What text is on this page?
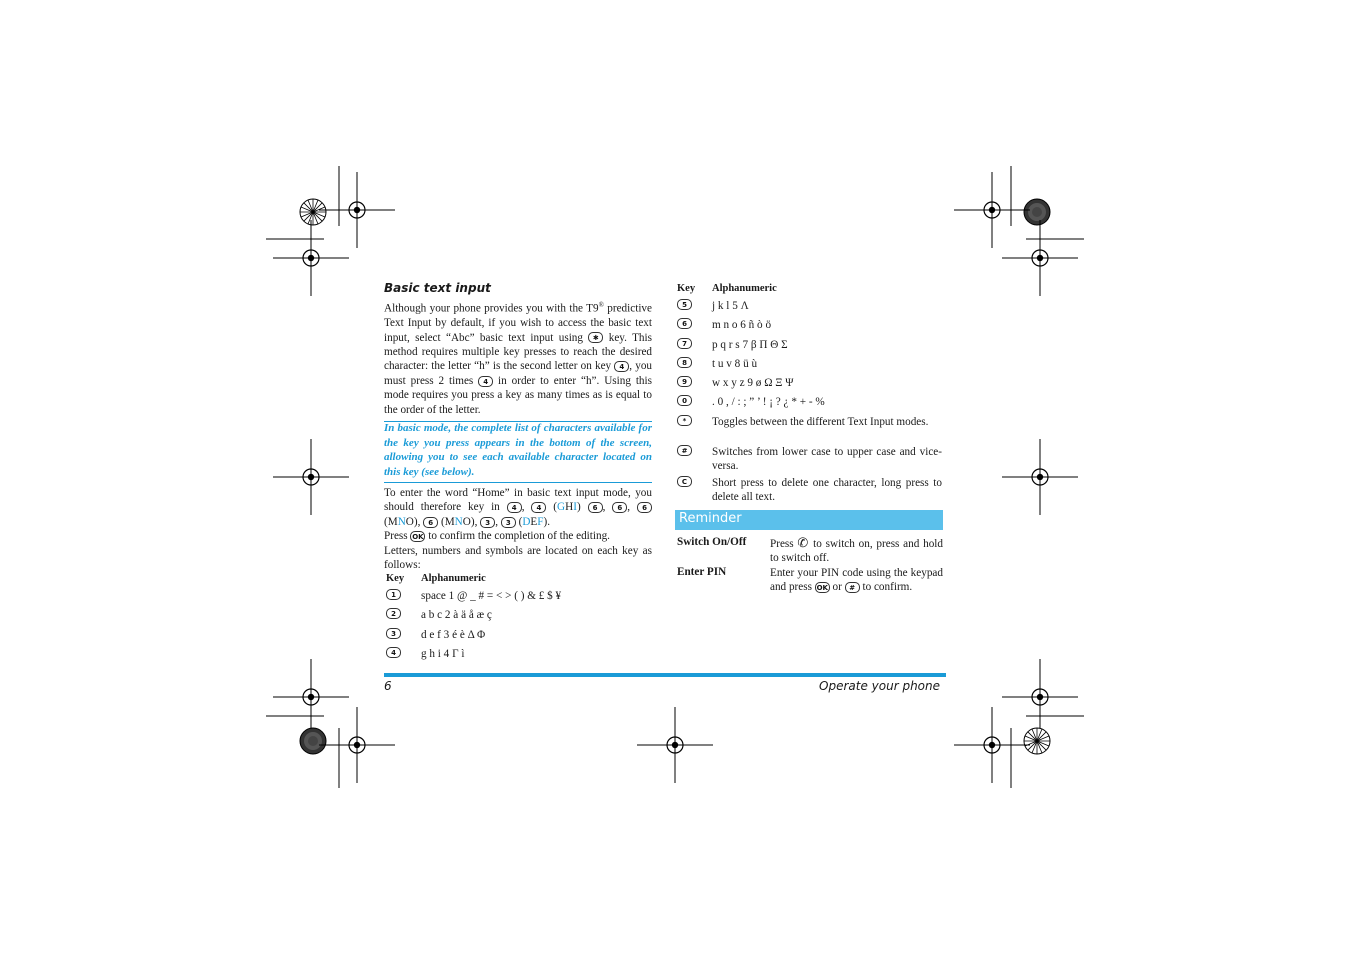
Basic text input
Although your phone provides you with the T9® predictive Text Input by default, if you wish to access the basic text input, select “Abc” basic text input using ✱ key. This method requires multiple key presses to reach the desired character: the letter “h” is the second letter on key 4 , you must press 2 times 4 in order to enter “h”. Using this mode requires you press a key as many times as is equal to the order of the letter.
In basic mode, the complete list of characters available for the key you press appears in the bottom of the screen, allowing you to see each available character located on this key (see below).
To enter the word “Home” in basic text input mode, you should therefore key in 4 , 4 (GHI) 6 , 6 , 6 (MNO), 6 (MNO), 3 , 3 (DEF).
Press OK to confirm the completion of the editing.
Letters, numbers and symbols are located on each key as follows:
Key Alphanumeric
1	space 1 @ _ # = < > ( ) & £ $ ¥
2	a b c 2 à ä å æ ç
3	d e f 3 é è Δ Φ
4	g h i 4 Γ ì
Key Alphanumeric
5	j k l 5 Λ
6	m n o 6 ñ ò ö
7	p q r s 7 β Π Θ Σ
8	t u v 8 ü ù
9	w x y z 9 ø Ω Ξ Ψ
0	. 0 , / : ; ” ’ ! ¡ ? ¿ * + - %
*	Toggles between the different Text Input modes.
#	Switches from lower case to upper case and vice-versa.
C	Short press to delete one character, long press to delete all text.
Reminder
Switch On/Off Press ✆ to switch on, press and hold to switch off.
Enter PIN	Enter your PIN code using the keypad and press OK or # to confirm.
6	Operate your phone
